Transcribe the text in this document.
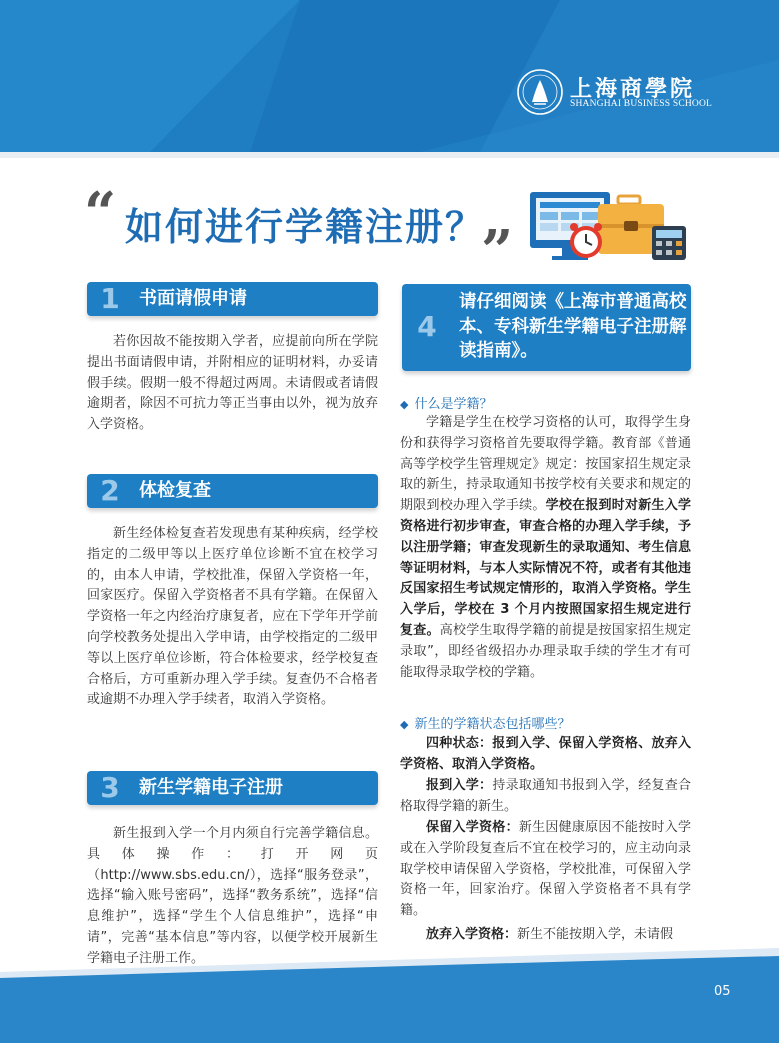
上海商學院
SHANGHAI BUSINESS SCHOOL
“ 如何进行学籍注册？
”
1 书面请假申请

若你因故不能按期入学者，应提前向所在学院提出书面请假申请，并附相应的证明材料，办妥请假手续。假期一般不得超过两周。未请假或者请假逾期者，除因不可抗力等正当事由以外，视为放弃入学资格。

2 体检复查

新生经体检复查若发现患有某种疾病，经学校指定的二级甲等以上医疗单位诊断不宜在校学习的，由本人申请，学校批准，保留入学资格一年，回家医疗。保留入学资格者不具有学籍。在保留入学资格一年之内经治疗康复者，应在下学年开学前向学校教务处提出入学申请，由学校指定的二级甲等以上医疗单位诊断，符合体检要求，经学校复查合格后，方可重新办理入学手续。复查仍不合格者或逾期不办理入学手续者，取消入学资格。

3 新生学籍电子注册

新生报到入学一个月内须自行完善学籍信息。具体操作：打开网页（http://www.sbs.edu.cn/），选择“服务登录”，选择“输入账号密码”，选择“教务系统”，选择“信息维护”，选择“学生个人信息维护”，选择“申请”，完善“基本信息”等内容，以便学校开展新生学籍电子注册工作。

4
请仔细阅读《上海市普通高校本、专科新生学籍电子注册解读指南》。
◆ 什么是学籍？

学籍是学生在校学习资格的认可，取得学生身份和获得学习资格首先要取得学籍。教育部《普通高等学校学生管理规定》规定：按国家招生规定录取的新生，持录取通知书按学校有关要求和规定的期限到校办理入学手续。学校在报到时对新生入学资格进行初步审查，审查合格的办理入学手续，予以注册学籍；审查发现新生的录取通知、考生信息等证明材料，与本人实际情况不符，或者有其他违反国家招生考试规定情形的，取消入学资格。学生入学后，学校在 3 个月内按照国家招生规定进行复查。高校学生取得学籍的前提是按国家招生规定录取”，即经省级招办办理录取手续的学生才有可能取得录取学校的学籍。

◆ 新生的学籍状态包括哪些？

四种状态：报到入学、保留入学资格、放弃入学资格、取消入学资格。

报到入学：持录取通知书报到入学，经复查合格取得学籍的新生。

保留入学资格：新生因健康原因不能按时入学或在入学阶段复查后不宜在校学习的，应主动向录取学校申请保留入学资格，学校批准，可保留入学资格一年，回家治疗。保留入学资格者不具有学籍。

放弃入学资格：新生不能按期入学，未请假

05
